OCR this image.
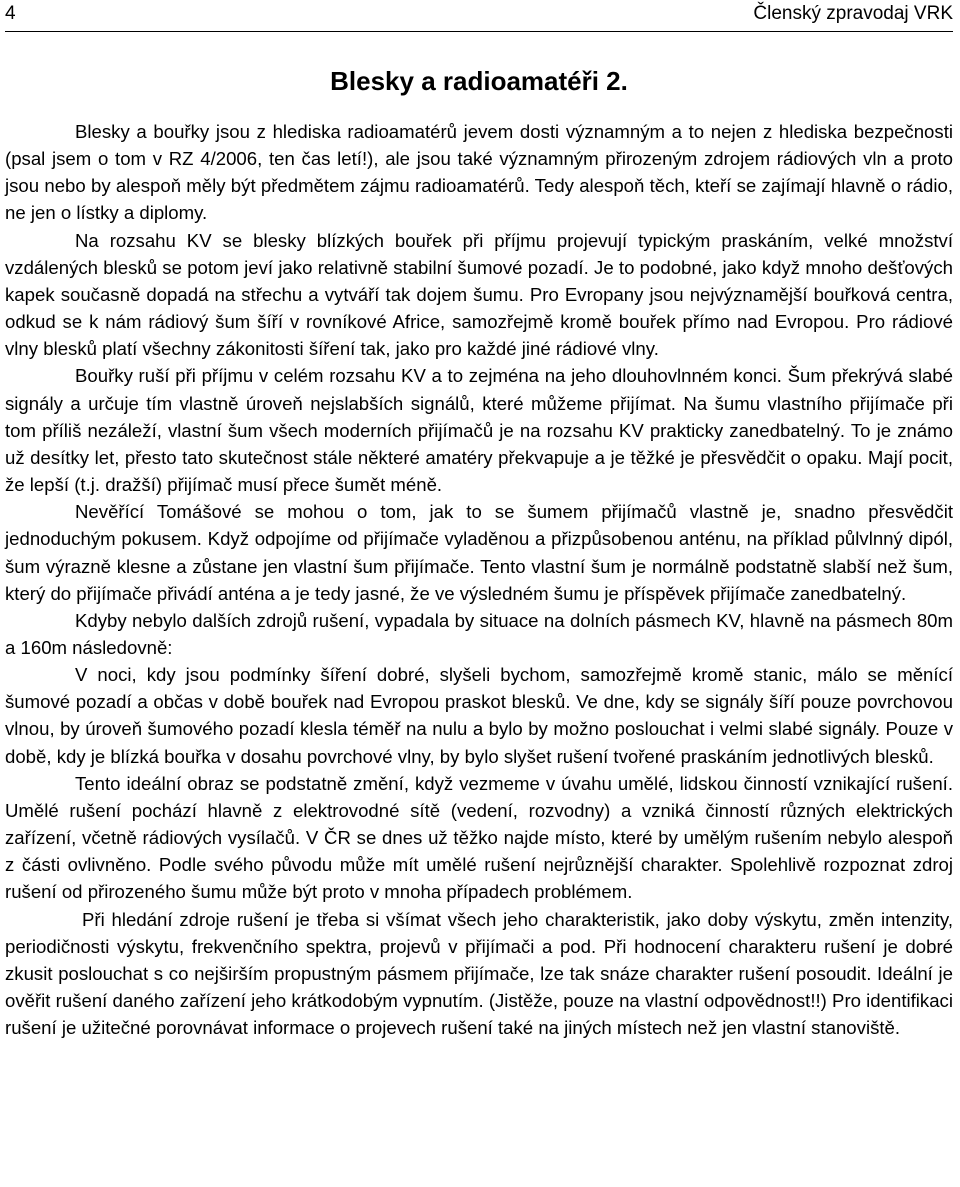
4	Členský zpravodaj VRK
Blesky a radioamatéři 2.

Blesky a bouřky jsou z hlediska radioamatérů jevem dosti významným a to nejen z hlediska bezpečnosti (psal jsem o tom v RZ 4/2006, ten čas letí!), ale jsou také významným přirozeným zdrojem rádiových vln a proto jsou nebo by alespoň měly být předmětem zájmu radioamatérů. Tedy alespoň těch, kteří se zajímají hlavně o rádio, ne jen o lístky a diplomy.

Na rozsahu KV se blesky blízkých bouřek při příjmu projevují typickým praskáním, velké množství vzdálených blesků se potom jeví jako relativně stabilní šumové pozadí. Je to podobné, jako když mnoho dešťových kapek současně dopadá na střechu a vytváří tak dojem šumu. Pro Evropany jsou nejvýznamější bouřková centra, odkud se k nám rádiový šum šíří v rovníkové Africe, samozřejmě kromě bouřek přímo nad Evropou. Pro rádiové vlny blesků platí všechny zákonitosti šíření tak, jako pro každé jiné rádiové vlny.

Bouřky ruší při příjmu v celém rozsahu KV a to zejména na jeho dlouhovlnném konci. Šum překrývá slabé signály a určuje tím vlastně úroveň nejslabších signálů, které můžeme přijímat. Na šumu vlastního přijímače při tom příliš nezáleží, vlastní šum všech moderních přijímačů je na rozsahu KV prakticky zanedbatelný. To je známo už desítky let, přesto tato skutečnost stále některé amatéry překvapuje a je těžké je přesvědčit o opaku. Mají pocit, že lepší (t.j. dražší) přijímač musí přece šumět méně.

Nevěřící Tomášové se mohou o tom, jak to se šumem přijímačů vlastně je, snadno přesvědčit jednoduchým pokusem. Když odpojíme od přijímače vyladěnou a přizpůsobenou anténu, na příklad půlvlnný dipól, šum výrazně klesne a zůstane jen vlastní šum přijímače. Tento vlastní šum je normálně podstatně slabší než šum, který do přijímače přivádí anténa a je tedy jasné, že ve výsledném šumu je příspěvek přijímače zanedbatelný.

Kdyby nebylo dalších zdrojů rušení, vypadala by situace na dolních pásmech KV, hlavně na pásmech 80m a 160m následovně:

V noci, kdy jsou podmínky šíření dobré, slyšeli bychom, samozřejmě kromě stanic, málo se měnící šumové pozadí a občas v době bouřek nad Evropou praskot blesků. Ve dne, kdy se signály šíří pouze povrchovou vlnou, by úroveň šumového pozadí klesla téměř na nulu a bylo by možno poslouchat i velmi slabé signály. Pouze v době, kdy je blízká bouřka v dosahu povrchové vlny, by bylo slyšet rušení tvořené praskáním jednotlivých blesků.

Tento ideální obraz se podstatně změní, když vezmeme v úvahu umělé, lidskou činností vznikající rušení. Umělé rušení pochází hlavně z elektrovodné sítě (vedení, rozvodny) a vzniká činností různých elektrických zařízení, včetně rádiových vysílačů. V ČR se dnes už těžko najde místo, které by umělým rušením nebylo alespoň z části ovlivněno. Podle svého původu může mít umělé rušení nejrůznější charakter. Spolehlivě rozpoznat zdroj rušení od přirozeného šumu může být proto v mnoha případech problémem.

Při hledání zdroje rušení je třeba si všímat všech jeho charakteristik, jako doby výskytu, změn intenzity, periodičnosti výskytu, frekvenčního spektra, projevů v přijímači a pod. Při hodnocení charakteru rušení je dobré zkusit poslouchat s co nejširším propustným pásmem přijímače, lze tak snáze charakter rušení posoudit. Ideální je ověřit rušení daného zařízení jeho krátkodobým vypnutím. (Jistěže, pouze na vlastní odpovědnost!!) Pro identifikaci rušení je užitečné porovnávat informace o projevech rušení také na jiných místech než jen vlastní stanoviště.
